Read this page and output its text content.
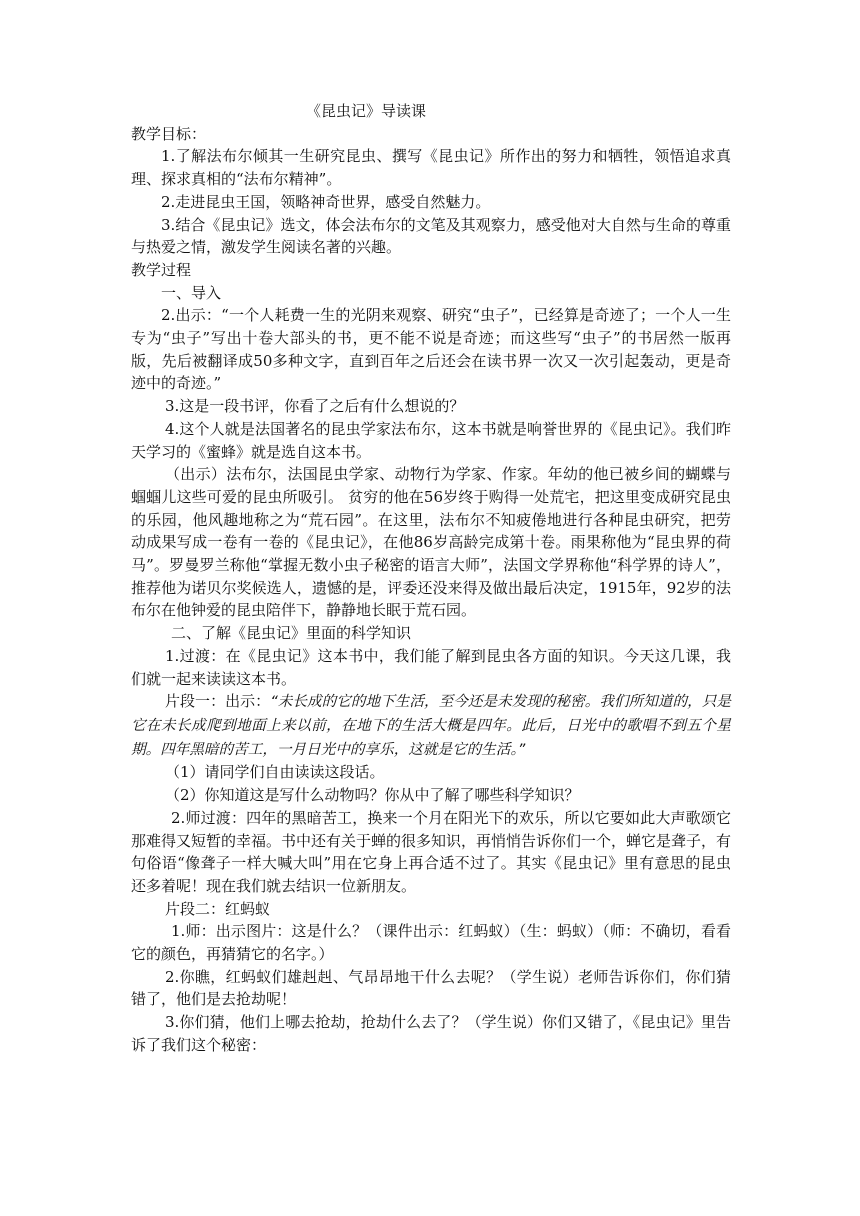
《昆虫记》导读课

教学目标：

1.了解法布尔倾其一生研究昆虫、撰写《昆虫记》所作出的努力和牺牲，领悟追求真理、探求真相的“法布尔精神”。

2.走进昆虫王国，领略神奇世界，感受自然魅力。

3.结合《昆虫记》选文，体会法布尔的文笔及其观察力，感受他对大自然与生命的尊重与热爱之情，激发学生阅读名著的兴趣。

教学过程

一、导入

2.出示：“一个人耗费一生的光阴来观察、研究“虫子”，已经算是奇迹了；一个人一生专为“虫子”写出十卷大部头的书，更不能不说是奇迹；而这些写“虫子”的书居然一版再版，先后被翻译成50多种文字，直到百年之后还会在读书界一次又一次引起轰动，更是奇迹中的奇迹。”

3.这是一段书评，你看了之后有什么想说的？

4.这个人就是法国著名的昆虫学家法布尔，这本书就是响誉世界的《昆虫记》。我们昨天学习的《蜜蜂》就是选自这本书。

（出示）法布尔，法国昆虫学家、动物行为学家、作家。年幼的他已被乡间的蝴蝶与蝈蝈儿这些可爱的昆虫所吸引。 贫穷的他在56岁终于购得一处荒宅，把这里变成研究昆虫的乐园，他风趣地称之为“荒石园”。在这里，法布尔不知疲倦地进行各种昆虫研究，把劳动成果写成一卷有一卷的《昆虫记》，在他86岁高龄完成第十卷。雨果称他为“昆虫界的荷马”。罗曼罗兰称他“掌握无数小虫子秘密的语言大师”，法国文学界称他“科学界的诗人”，推荐他为诺贝尔奖候选人，遗憾的是，评委还没来得及做出最后决定，1915年，92岁的法布尔在他钟爱的昆虫陪伴下，静静地长眠于荒石园。

二、了解《昆虫记》里面的科学知识

1.过渡：在《昆虫记》这本书中，我们能了解到昆虫各方面的知识。今天这几课，我们就一起来读读这本书。

片段一：出示：“未长成的它的地下生活，至今还是未发现的秘密。我们所知道的，只是它在未长成爬到地面上来以前，在地下的生活大概是四年。此后，日光中的歌唱不到五个星期。四年黑暗的苦工，一月日光中的享乐，这就是它的生活。”

（1）请同学们自由读读这段话。

（2）你知道这是写什么动物吗？你从中了解了哪些科学知识？

2.师过渡：四年的黑暗苦工，换来一个月在阳光下的欢乐，所以它要如此大声歌颂它那难得又短暂的幸福。书中还有关于蝉的很多知识，再悄悄告诉你们一个，蝉它是聋子，有句俗语“像聋子一样大喊大叫”用在它身上再合适不过了。其实《昆虫记》里有意思的昆虫还多着呢！现在我们就去结识一位新朋友。

片段二：红蚂蚁

1.师：出示图片：这是什么？（课件出示：红蚂蚁）（生：蚂蚁）（师：不确切，看看它的颜色，再猜猜它的名字。）

2.你瞧，红蚂蚁们雄赳赳、气昂昂地干什么去呢？（学生说）老师告诉你们，你们猜错了，他们是去抢劫呢！

3.你们猜，他们上哪去抢劫，抢劫什么去了？（学生说）你们又错了，《昆虫记》里告诉了我们这个秘密：
